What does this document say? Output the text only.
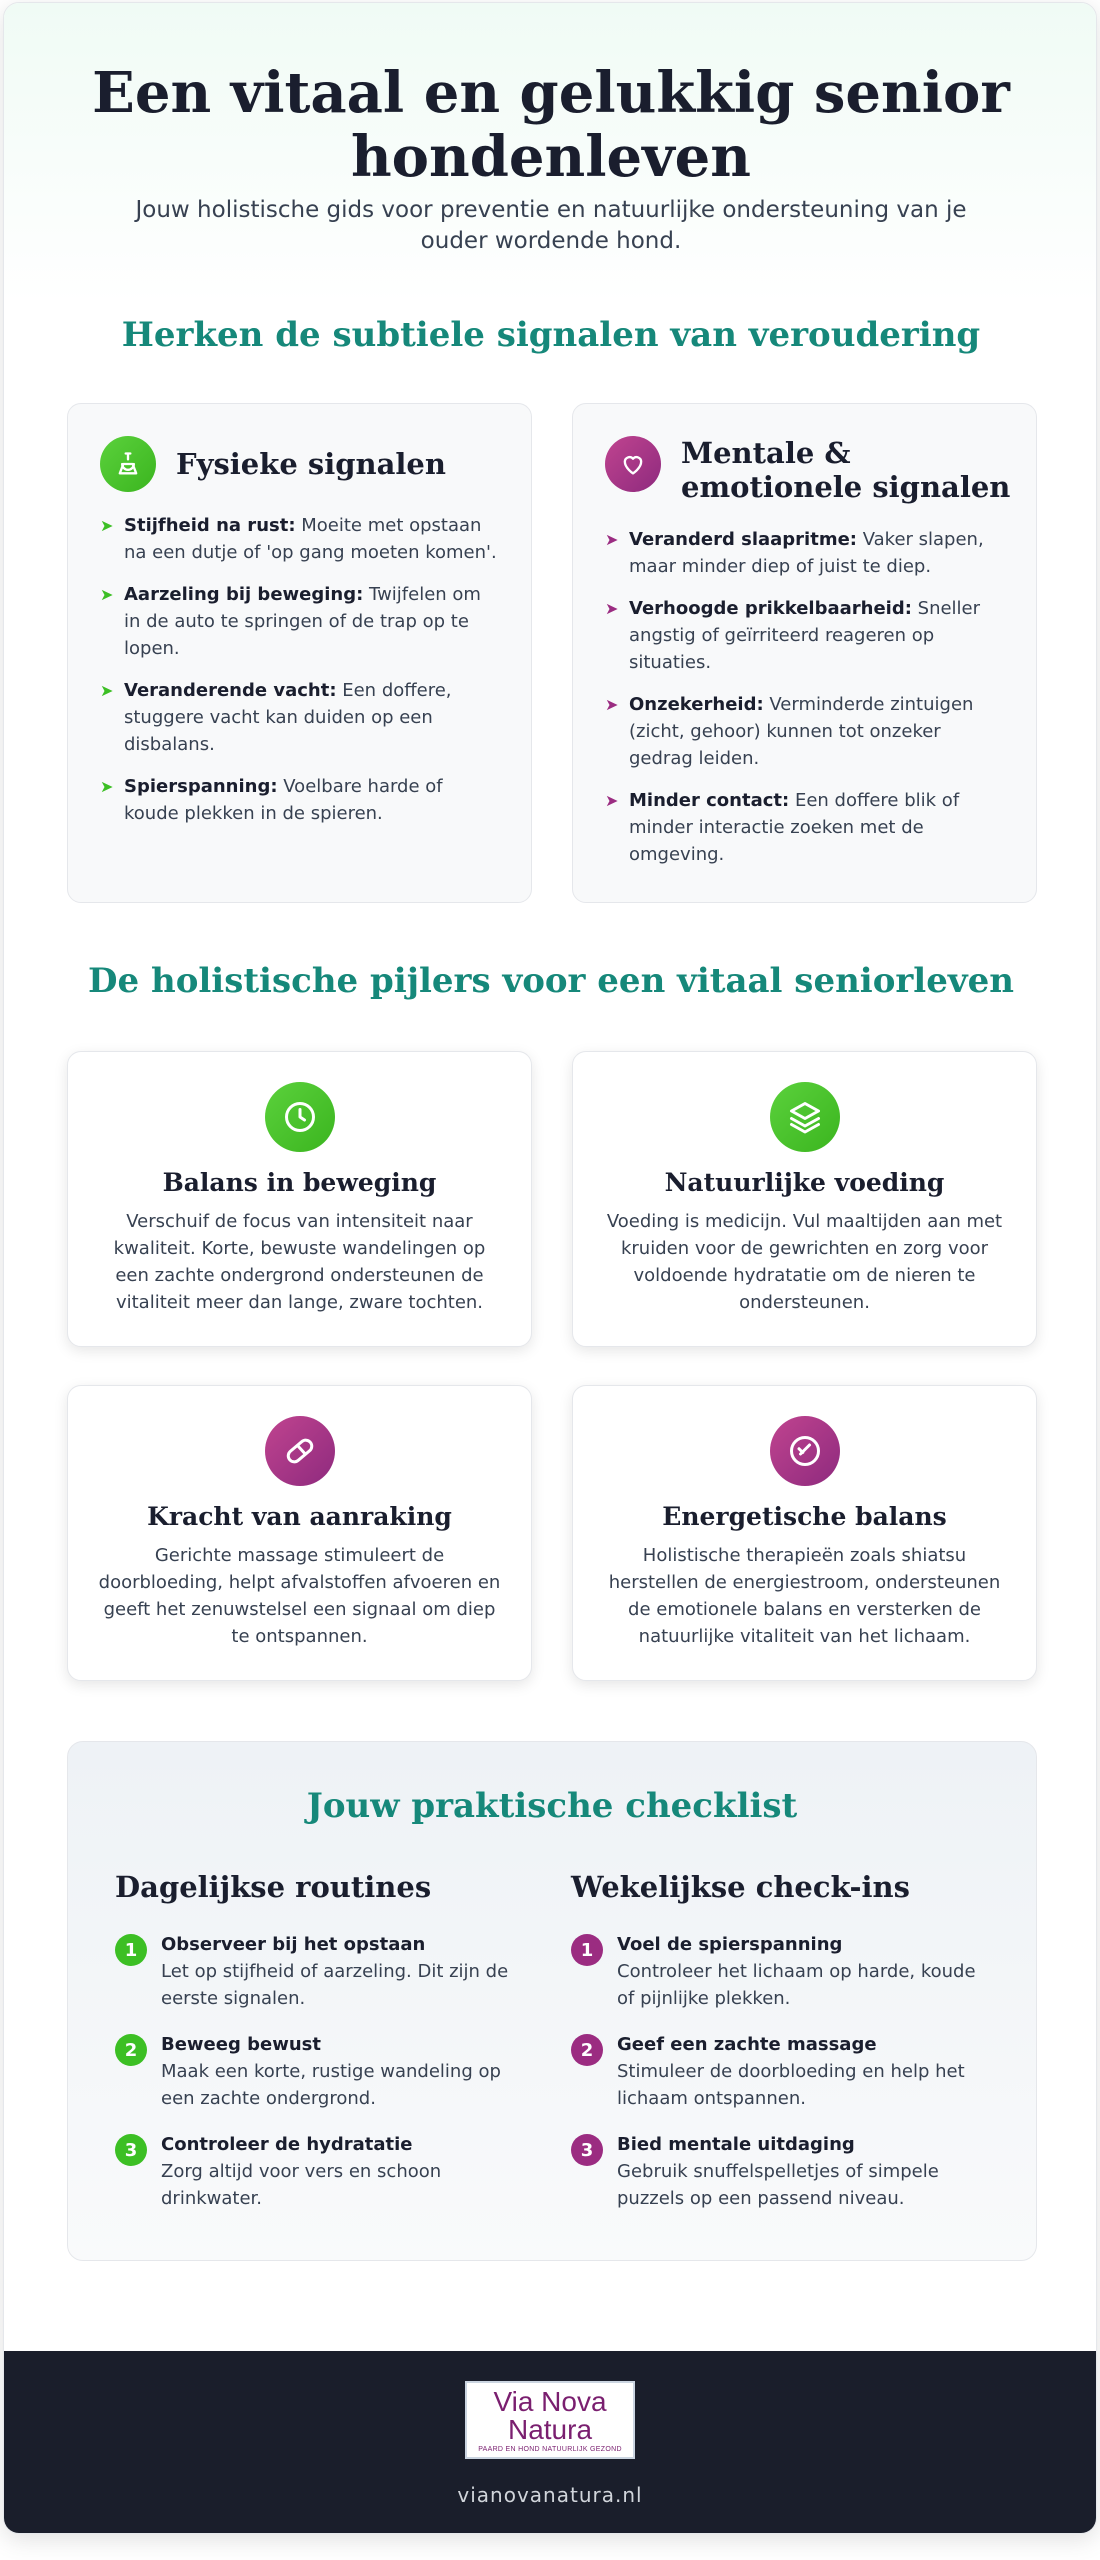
Een vitaal en gelukkig senior hondenleven

Jouw holistische gids voor preventie en natuurlijke ondersteuning van je ouder wordende hond.

Herken de subtiele signalen van veroudering
Fysieke signalen
➤ Stijfheid na rust: Moeite met opstaan na een dutje of 'op gang moeten komen'.
➤ Aarzeling bij beweging: Twijfelen om in de auto te springen of de trap op te lopen.
➤ Veranderende vacht: Een doffere, stuggere vacht kan duiden op een disbalans.
➤ Spierspanning: Voelbare harde of koude plekken in de spieren.
Mentale & emotionele signalen
➤ Veranderd slaapritme: Vaker slapen, maar minder diep of juist te diep.
➤ Verhoogde prikkelbaarheid: Sneller angstig of geïrriteerd reageren op situaties.
➤ Onzekerheid: Verminderde zintuigen (zicht, gehoor) kunnen tot onzeker gedrag leiden.
➤ Minder contact: Een doffere blik of minder interactie zoeken met de omgeving.
De holistische pijlers voor een vitaal seniorleven
Balans in beweging
Verschuif de focus van intensiteit naar kwaliteit. Korte, bewuste wandelingen op een zachte ondergrond ondersteunen de vitaliteit meer dan lange, zware tochten.
Natuurlijke voeding
Voeding is medicijn. Vul maaltijden aan met kruiden voor de gewrichten en zorg voor voldoende hydratatie om de nieren te ondersteunen.
Kracht van aanraking
Gerichte massage stimuleert de doorbloeding, helpt afvalstoffen afvoeren en geeft het zenuwstelsel een signaal om diep te ontspannen.
Energetische balans
Holistische therapieën zoals shiatsu herstellen de energiestroom, ondersteunen de emotionele balans en versterken de natuurlijke vitaliteit van het lichaam.
Jouw praktische checklist
Dagelijkse routines	Wekelijkse check-ins
1	Observeer bij het opstaan
Let op stijfheid of aarzeling. Dit zijn de eerste signalen.
2	Beweeg bewust
Maak een korte, rustige wandeling op een zachte ondergrond.
3	Controleer de hydratatie
Zorg altijd voor vers en schoon drinkwater.
1	Voel de spierspanning
Controleer het lichaam op harde, koude of pijnlijke plekken.
2	Geef een zachte massage
Stimuleer de doorbloeding en help het lichaam ontspannen.
3	Bied mentale uitdaging
Gebruik snuffelspelletjes of simpele puzzels op een passend niveau.
Via Nova
Natura
PAARD EN HOND NATUURLIJK GEZOND
vianovanatura.nl
